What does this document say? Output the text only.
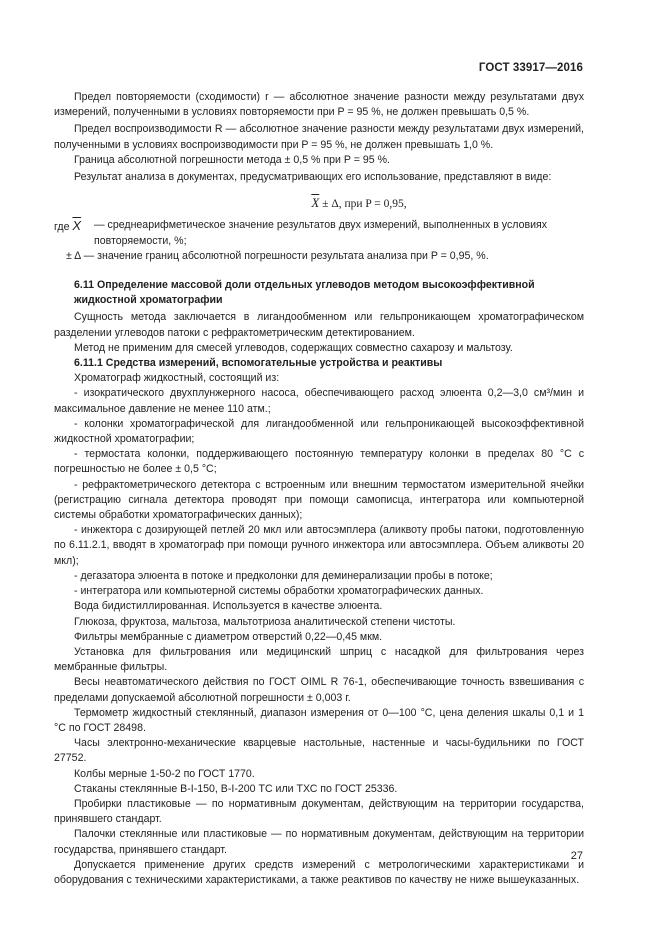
ГОСТ 33917—2016

Предел повторяемости (сходимости) r — абсолютное значение разности между результатами двух измерений, полученными в условиях повторяемости при P = 95 %, не должен превышать 0,5 %.

Предел воспроизводимости R — абсолютное значение разности между результатами двух измерений, полученными в условиях воспроизводимости при P = 95 %, не должен превышать 1,0 %.

Граница абсолютной погрешности метода ± 0,5 % при P = 95 %.

Результат анализа в документах, предусматривающих его использование, представляют в виде:

$\overline{X} \pm \Delta$, при P = 0,95,
где $\overline{X}$	— среднеарифметическое значение результатов двух измерений, выполненных в условиях повторяемости, %;
± Δ — значение границ абсолютной погрешности результата анализа при P = 0,95, %.

6.11 Определение массовой доли отдельных углеводов методом высокоэффективной жидкостной хроматографии

Сущность метода заключается в лигандообменном или гельпроникающем хроматографическом разделении углеводов патоки с рефрактометрическим детектированием.

Метод не применим для смесей углеводов, содержащих совместно сахарозу и мальтозу.

6.11.1 Средства измерений, вспомогательные устройства и реактивы

Хроматограф жидкостный, состоящий из:

- изократического двухплунжерного насоса, обеспечивающего расход элюента 0,2—3,0 см³/мин и максимальное давление не менее 110 атм.;

- колонки хроматографической для лигандообменной или гельпроникающей высокоэффективной жидкостной хроматографии;

- термостата колонки, поддерживающего постоянную температуру колонки в пределах 80 °С с погрешностью не более ± 0,5 °С;

- рефрактометрического детектора с встроенным или внешним термостатом измерительной ячейки (регистрацию сигнала детектора проводят при помощи самописца, интегратора или компьютерной системы обработки хроматографических данных);

- инжектора с дозирующей петлей 20 мкл или автосэмплера (аликвоту пробы патоки, подготовленную по 6.11.2.1, вводят в хроматограф при помощи ручного инжектора или автосэмплера. Объем аликвоты 20 мкл);

- дегазатора элюента в потоке и предколонки для деминерализации пробы в потоке;

- интегратора или компьютерной системы обработки хроматографических данных.

Вода бидистиллированная. Используется в качестве элюента.

Глюкоза, фруктоза, мальтоза, мальтотриоза аналитической степени чистоты.

Фильтры мембранные с диаметром отверстий 0,22—0,45 мкм.

Установка для фильтрования или медицинский шприц с насадкой для фильтрования через мембранные фильтры.

Весы неавтоматического действия по ГОСТ OIML R 76-1, обеспечивающие точность взвешивания с пределами допускаемой абсолютной погрешности ± 0,003 г.

Термометр жидкостный стеклянный, диапазон измерения от 0—100 °С, цена деления шкалы 0,1 и 1 °С по ГОСТ 28498.

Часы электронно-механические кварцевые настольные, настенные и часы-будильники по ГОСТ 27752.

Колбы мерные 1-50-2 по ГОСТ 1770.

Стаканы стеклянные В-I-150, В-I-200 ТС или ТХС по ГОСТ 25336.

Пробирки пластиковые — по нормативным документам, действующим на территории государства, принявшего стандарт.

Палочки стеклянные или пластиковые — по нормативным документам, действующим на территории государства, принявшего стандарт.

Допускается применение других средств измерений с метрологическими характеристиками и оборудования с техническими характеристиками, а также реактивов по качеству не ниже вышеуказанных.

27
